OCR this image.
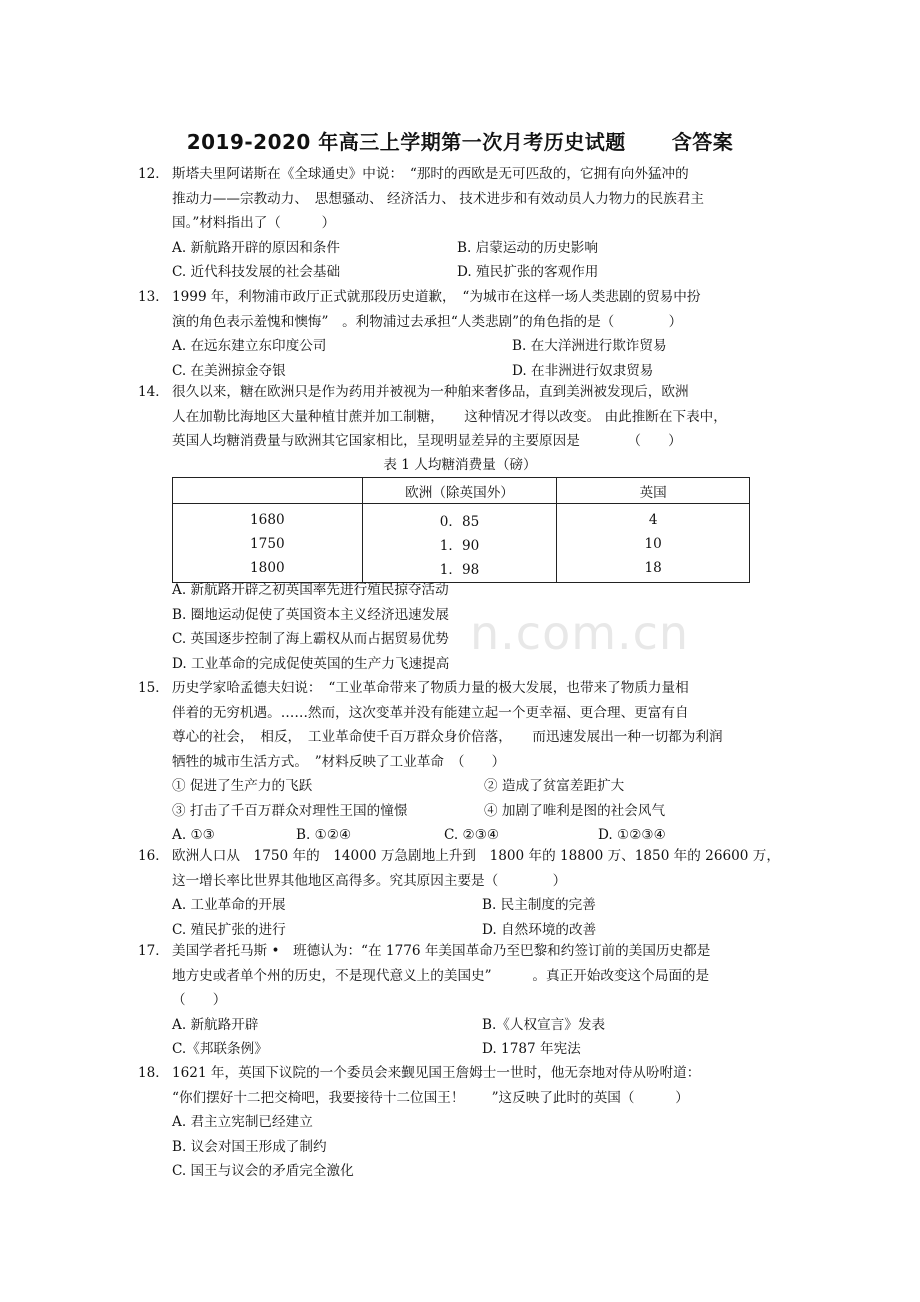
n.com.cn
2019-2020 年高三上学期第一次月考历史试题 含答案
12． 斯塔夫里阿诺斯在《全球通史》中说：　“那时的西欧是无可匹敌的，它拥有向外猛冲的
推动力——宗教动力、　思想骚动、 经济活力、 技术进步和有效动员人力物力的民族君主
国。”材料指出了（　　　）
A. 新航路开辟的原因和条件	B. 启蒙运动的历史影响
C. 近代科技发展的社会基础	D. 殖民扩张的客观作用
13． 1999 年，利物浦市政厅正式就那段历史道歉，　“为城市在这样一场人类悲剧的贸易中扮
演的角色表示羞愧和懊悔”　。利物浦过去承担“人类悲剧”的角色指的是（　　　　）
A. 在远东建立东印度公司	B. 在大洋洲进行欺诈贸易
C. 在美洲掠金夺银	D. 在非洲进行奴隶贸易
14． 很久以来，糖在欧洲只是作为药用并被视为一种舶来奢侈品，直到美洲被发现后，欧洲
人在加勒比海地区大量种植甘蔗并加工制糖，　　这种情况才得以改变。 由此推断在下表中，
英国人均糖消费量与欧洲其它国家相比，呈现明显差异的主要原因是　　　　（　　）
表 1 人均糖消费量（磅）
	欧洲（除英国外）	英国
1680	0．85	4
1750	1．90	10
1800	1．98	18
A. 新航路开辟之初英国率先进行殖民掠夺活动
B. 圈地运动促使了英国资本主义经济迅速发展
C. 英国逐步控制了海上霸权从而占据贸易优势
D. 工业革命的完成促使英国的生产力飞速提高
15． 历史学家哈孟德夫妇说：　“工业革命带来了物质力量的极大发展，也带来了物质力量相
伴着的无穷机遇。……然而，这次变革并没有能建立起一个更幸福、更合理、更富有自
尊心的社会，　相反，　工业革命使千百万群众身价倍落，　　而迅速发展出一种一切都为利润
牺牲的城市生活方式。　”材料反映了工业革命　（　　）
① 促进了生产力的飞跃	② 造成了贫富差距扩大
③ 打击了千百万群众对理性王国的憧憬	④ 加剧了唯利是图的社会风气
A. ①③	B. ①②④	C. ②③④	D. ①②③④
16． 欧洲人口从　1750 年的　14000 万急剧地上升到　1800 年的 18800 万、1850 年的 26600 万，
这一增长率比世界其他地区高得多。究其原因主要是（　　　　）
A. 工业革命的开展	B. 民主制度的完善
C. 殖民扩张的进行	D. 自然环境的改善
17． 美国学者托马斯 •　班德认为：“在 1776 年美国革命乃至巴黎和约签订前的美国历史都是
地方史或者单个州的历史，不是现代意义上的美国史”　　　。真正开始改变这个局面的是
（　　）
A. 新航路开辟	B.《人权宣言》发表
C.《邦联条例》	D. 1787 年宪法
18． 1621 年，英国下议院的一个委员会来觐见国王詹姆士一世时，他无奈地对侍从吩咐道：
“你们摆好十二把交椅吧，我要接待十二位国王！　　”这反映了此时的英国（　　　）
A. 君主立宪制已经建立
B. 议会对国王形成了制约
C. 国王与议会的矛盾完全激化
